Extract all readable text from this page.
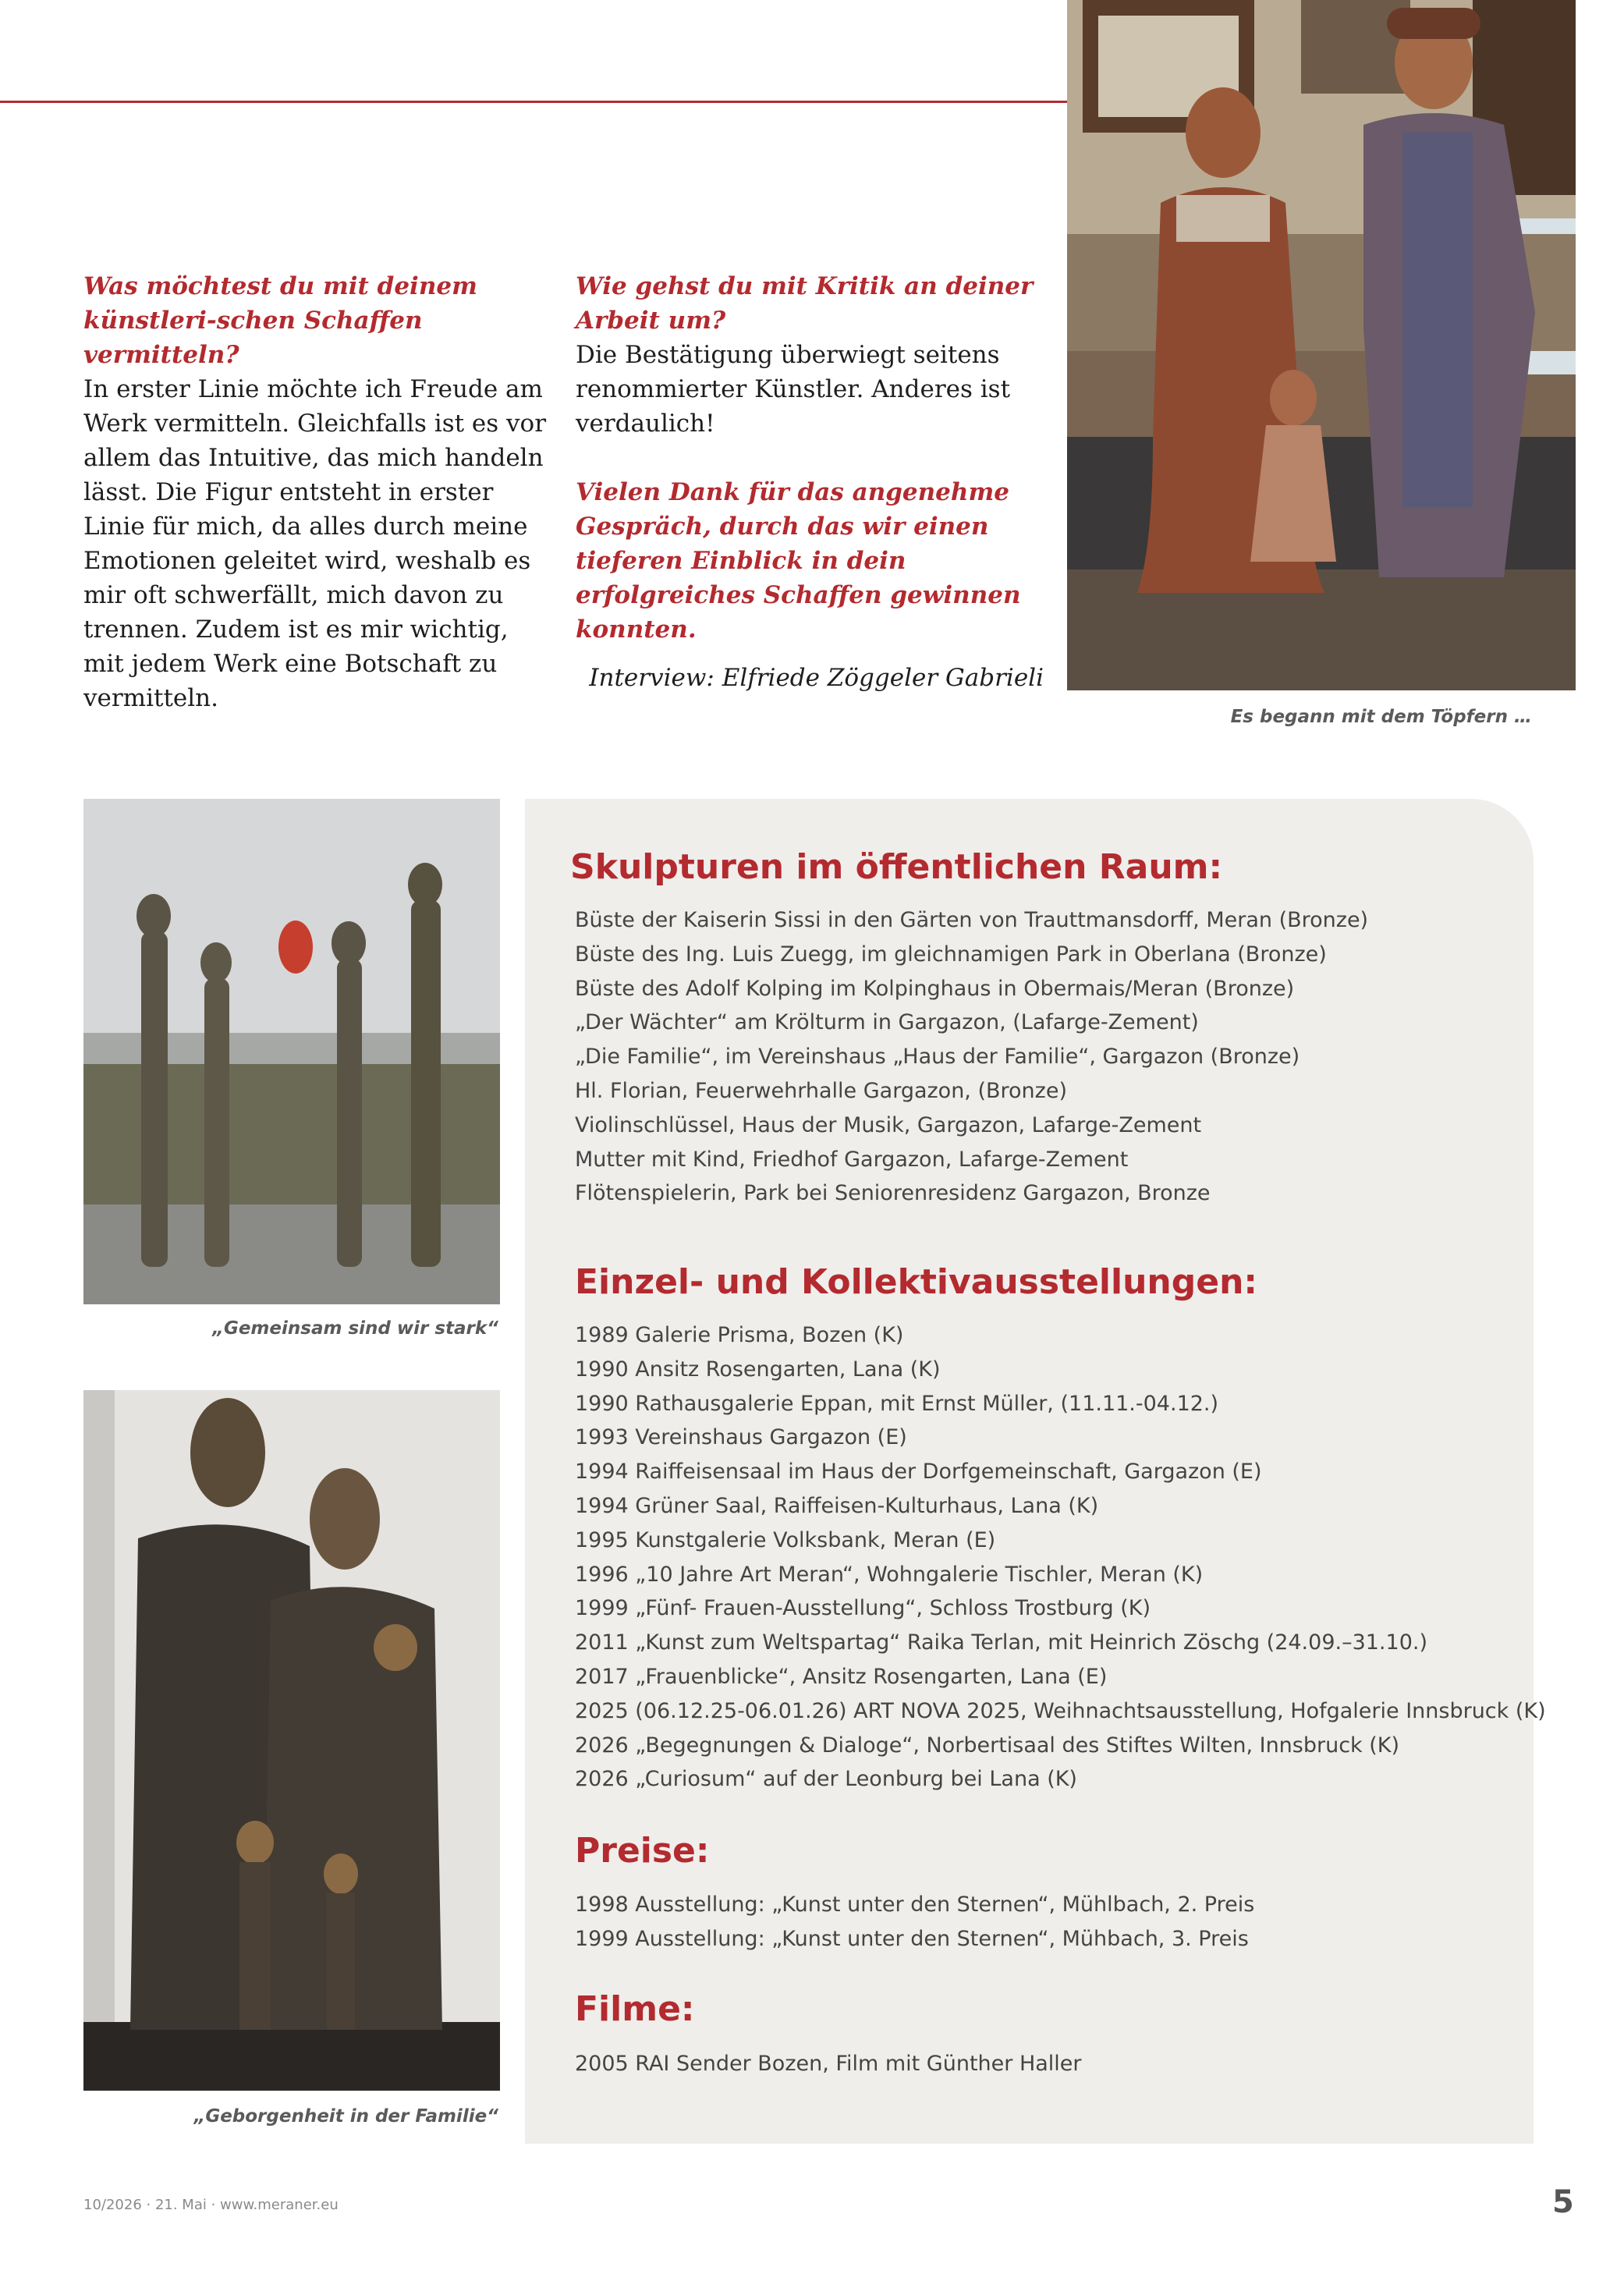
Was möchtest du mit deinem künstleri-schen Schaffen vermitteln?

In erster Linie möchte ich Freude am Werk vermitteln. Gleichfalls ist es vor allem das Intuitive, das mich handeln lässt. Die Figur entsteht in erster Linie für mich, da alles durch meine Emotionen geleitet wird, weshalb es mir oft schwerfällt, mich davon zu trennen. Zudem ist es mir wichtig, mit jedem Werk eine Botschaft zu vermitteln.

Wie gehst du mit Kritik an deiner Arbeit um?

Die Bestätigung überwiegt seitens renommierter Künstler. Anderes ist verdaulich!

Vielen Dank für das angenehme Gespräch, durch das wir einen tieferen Einblick in dein erfolgreiches Schaffen gewinnen konnten.

Interview: Elfriede Zöggeler Gabrieli

Es begann mit dem Töpfern …
„Gemeinsam sind wir stark“
„Geborgenheit in der Familie“
Skulpturen im öffentlichen Raum:
Büste der Kaiserin Sissi in den Gärten von Trauttmansdorff, Meran (Bronze)
Büste des Ing. Luis Zuegg, im gleichnamigen Park in Oberlana (Bronze)
Büste des Adolf Kolping im Kolpinghaus in Obermais/Meran (Bronze)
„Der Wächter“ am Krölturm in Gargazon, (Lafarge-Zement)
„Die Familie“, im Vereinshaus „Haus der Familie“, Gargazon (Bronze)
Hl. Florian, Feuerwehrhalle Gargazon, (Bronze)
Violinschlüssel, Haus der Musik, Gargazon, Lafarge-Zement
Mutter mit Kind, Friedhof Gargazon, Lafarge-Zement
Flötenspielerin, Park bei Seniorenresidenz Gargazon, Bronze
Einzel- und Kollektivausstellungen:
1989 Galerie Prisma, Bozen (K)
1990 Ansitz Rosengarten, Lana (K)
1990 Rathausgalerie Eppan, mit Ernst Müller, (11.11.-04.12.)
1993 Vereinshaus Gargazon (E)
1994 Raiffeisensaal im Haus der Dorfgemeinschaft, Gargazon (E)
1994 Grüner Saal, Raiffeisen-Kulturhaus, Lana (K)
1995 Kunstgalerie Volksbank, Meran (E)
1996 „10 Jahre Art Meran“, Wohngalerie Tischler, Meran (K)
1999 „Fünf- Frauen-Ausstellung“, Schloss Trostburg (K)
2011 „Kunst zum Weltspartag“ Raika Terlan, mit Heinrich Zöschg (24.09.–31.10.)
2017 „Frauenblicke“, Ansitz Rosengarten, Lana (E)
2025 (06.12.25-06.01.26) ART NOVA 2025, Weihnachtsausstellung, Hofgalerie Innsbruck (K)
2026 „Begegnungen & Dialoge“, Norbertisaal des Stiftes Wilten, Innsbruck (K)
2026 „Curiosum“ auf der Leonburg bei Lana (K)
Preise:
1998 Ausstellung: „Kunst unter den Sternen“, Mühlbach, 2. Preis
1999 Ausstellung: „Kunst unter den Sternen“, Mühbach, 3. Preis
Filme:
2005 RAI Sender Bozen, Film mit Günther Haller
10/2026 · 21. Mai · www.meraner.eu	5
